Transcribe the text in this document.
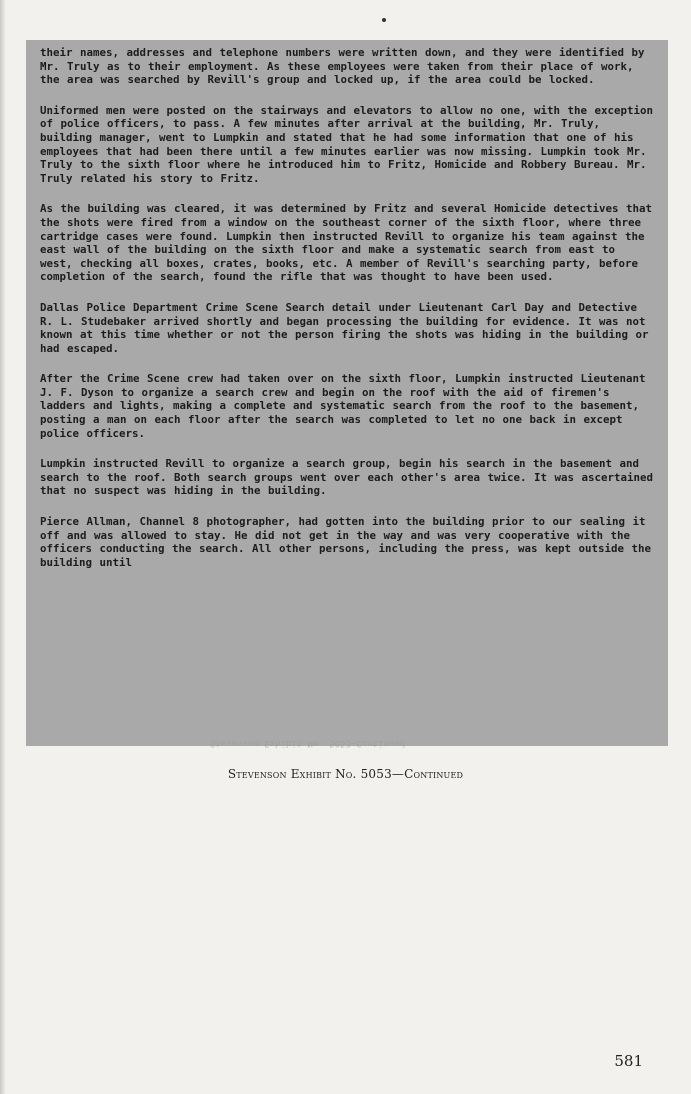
their names, addresses and telephone numbers were written down, and they were identified by Mr. Truly as to their employment. As these employees were taken from their place of work, the area was searched by Revill's group and locked up, if the area could be locked.

Uniformed men were posted on the stairways and elevators to allow no one, with the exception of police officers, to pass. A few minutes after arrival at the building, Mr. Truly, building manager, went to Lumpkin and stated that he had some information that one of his employees that had been there until a few minutes earlier was now missing. Lumpkin took Mr. Truly to the sixth floor where he introduced him to Fritz, Homicide and Robbery Bureau. Mr. Truly related his story to Fritz.

As the building was cleared, it was determined by Fritz and several Homicide detectives that the shots were fired from a window on the southeast corner of the sixth floor, where three cartridge cases were found. Lumpkin then instructed Revill to organize his team against the east wall of the building on the sixth floor and make a systematic search from east to west, checking all boxes, crates, books, etc. A member of Revill's searching party, before completion of the search, found the rifle that was thought to have been used.

Dallas Police Department Crime Scene Search detail under Lieutenant Carl Day and Detective R. L. Studebaker arrived shortly and began processing the building for evidence. It was not known at this time whether or not the person firing the shots was hiding in the building or had escaped.

After the Crime Scene crew had taken over on the sixth floor, Lumpkin instructed Lieutenant J. F. Dyson to organize a search crew and begin on the roof with the aid of firemen's ladders and lights, making a complete and systematic search from the roof to the basement, posting a man on each floor after the search was completed to let no one back in except police officers.

Lumpkin instructed Revill to organize a search group, begin his search in the basement and search to the roof. Both search groups went over each other's area twice. It was ascertained that no suspect was hiding in the building.

Pierce Allman, Channel 8 photographer, had gotten into the building prior to our sealing it off and was allowed to stay. He did not get in the way and was very cooperative with the officers conducting the search. All other persons, including the press, was kept outside the building until

Stevenson Exhibit No. 5053—Continued
Stevenson Exhibit No. 5053—Continued
581
